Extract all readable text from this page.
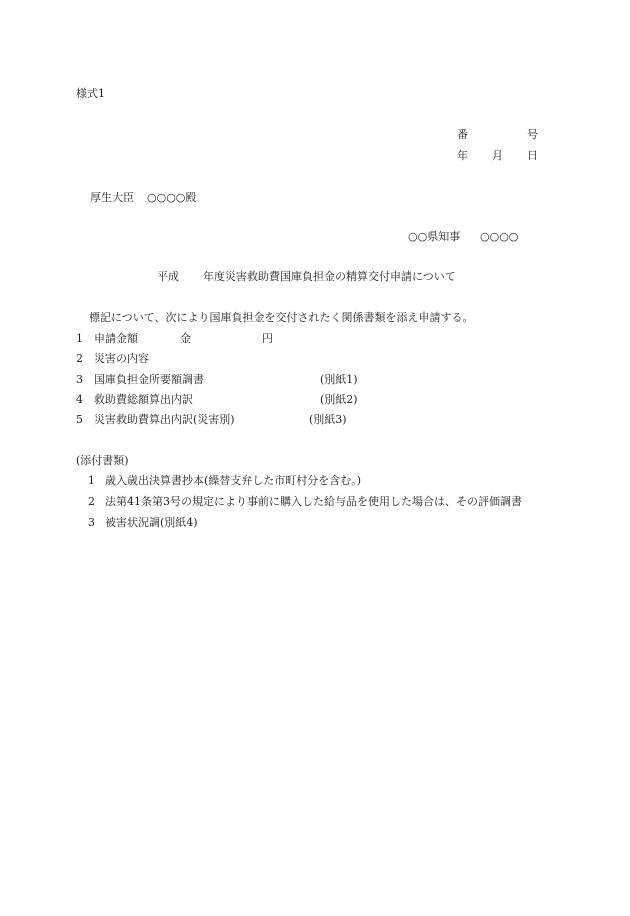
様式1
番	号
年 月 日
厚生大臣 ○○○○殿
○○県知事 ○○○○
平成 年度災害救助費国庫負担金の精算交付申請について
標記について、次により国庫負担金を交付されたく関係書類を添え申請する。
1 申請金額	金	円
2 災害の内容
3 国庫負担金所要額調書	(別紙1)
4 救助費総額算出内訳	(別紙2)
5 災害救助費算出内訳(災害別)	(別紙3)
(添付書類)
1 歳入歳出決算書抄本(繰替支弁した市町村分を含む。)
2 法第41条第3号の規定により事前に購入した給与品を使用した場合は、その評価調書
3 被害状況調(別紙4)
